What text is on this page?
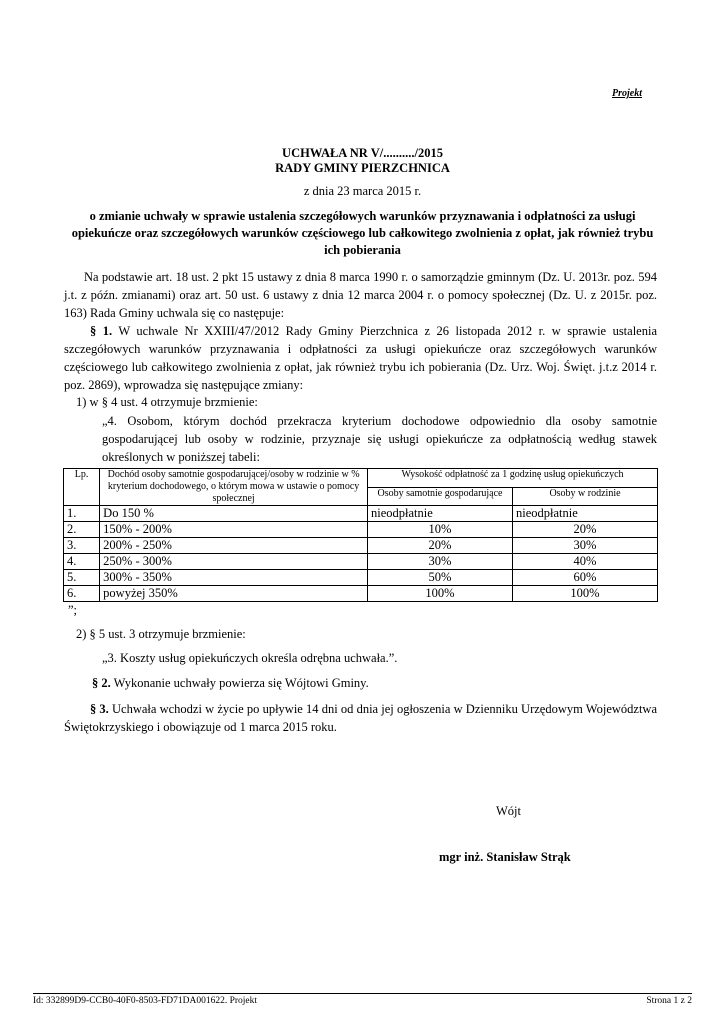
Projekt
UCHWAŁA NR V/........../2015
RADY GMINY PIERZCHNICA
z dnia 23 marca 2015 r.
o zmianie uchwały w sprawie ustalenia szczegółowych warunków przyznawania i odpłatności za usługi opiekuńcze oraz szczegółowych warunków częściowego lub całkowitego zwolnienia z opłat, jak również trybu ich pobierania
Na podstawie art. 18 ust. 2 pkt 15 ustawy z dnia 8 marca 1990 r. o samorządzie gminnym (Dz. U. 2013r. poz. 594 j.t. z późn. zmianami) oraz art. 50 ust. 6 ustawy z dnia 12 marca 2004 r. o pomocy społecznej (Dz. U. z 2015r. poz. 163) Rada Gminy uchwala się co następuje:
§ 1. W uchwale Nr XXIII/47/2012 Rady Gminy Pierzchnica z 26 listopada 2012 r. w sprawie ustalenia szczegółowych warunków przyznawania i odpłatności za usługi opiekuńcze oraz szczegółowych warunków częściowego lub całkowitego zwolnienia z opłat, jak również trybu ich pobierania (Dz. Urz. Woj. Święt. j.t.z 2014 r. poz. 2869), wprowadza się następujące zmiany:
1) w § 4 ust. 4 otrzymuje brzmienie:
„4. Osobom, którym dochód przekracza kryterium dochodowe odpowiednio dla osoby samotnie gospodarującej lub osoby w rodzinie, przyznaje się usługi opiekuńcze za odpłatnością według stawek określonych w poniższej tabeli:
Lp.	Dochód osoby samotnie gospodarującej/osoby w rodzinie w % kryterium dochodowego, o którym mowa w ustawie o pomocy społecznej	Wysokość odpłatność za 1 godzinę usług opiekuńczych	
		Osoby samotnie gospodarujące	Osoby w rodzinie
1.	Do 150 %	nieodpłatnie	nieodpłatnie
2.	150% - 200%	10%	20%
3.	200% - 250%	20%	30%
4.	250% - 300%	30%	40%
5.	300% - 350%	50%	60%
6.	powyżej 350%	100%	100%
”;
2) § 5 ust. 3 otrzymuje brzmienie:
„3. Koszty usług opiekuńczych określa odrębna uchwała.”.
§ 2. Wykonanie uchwały powierza się Wójtowi Gminy.
§ 3. Uchwała wchodzi w życie po upływie 14 dni od dnia jej ogłoszenia w Dzienniku Urzędowym Województwa Świętokrzyskiego i obowiązuje od 1 marca 2015 roku.
Wójt
mgr inż. Stanisław Strąk
Id: 332899D9-CCB0-40F0-8503-FD71DA001622. Projekt	Strona 1 z 2
